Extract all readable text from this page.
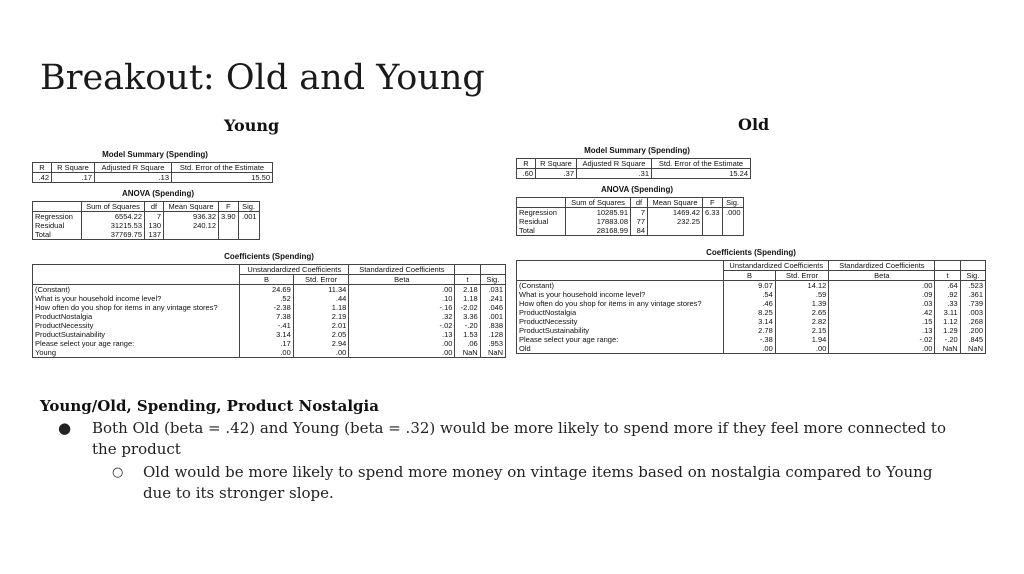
Breakout: Old and Young
Young
Model Summary (Spending)
R	R Square	Adjusted R Square	Std. Error of the Estimate
.42	.17	.13	15.50
ANOVA (Spending)
	Sum of Squares	df	Mean Square	F	Sig.
Regression	6554.22	7	936.32	3.90	.001
Residual	31215.53	130	240.12		
Total	37769.75	137			
Coefficients (Spending)
	Unstandardized Coefficients		Standardized Coefficients		
	B	Std. Error	Beta	t	Sig.
(Constant)	24.69	11.34	.00	2.18	.031
What is your household income level?	.52	.44	.10	1.18	.241
How often do you shop for items in any vintage stores?	-2.38	1.18	-.16	-2.02	.046
ProductNostalgia	7.38	2.19	.32	3.36	.001
ProductNecessity	-.41	2.01	-.02	-.20	.838
ProductSustainability	3.14	2.05	.13	1.53	.128
Please select your age range:	.17	2.94	.00	.06	.953
Young	.00	.00	.00	NaN	NaN
Old
Model Summary (Spending)
R	R Square	Adjusted R Square	Std. Error of the Estimate
.60	.37	.31	15.24
ANOVA (Spending)
	Sum of Squares	df	Mean Square	F	Sig.
Regression	10285.91	7	1469.42	6.33	.000
Residual	17883.08	77	232.25		
Total	28168.99	84			
Coefficients (Spending)
	Unstandardized Coefficients		Standardized Coefficients		
	B	Std. Error	Beta	t	Sig.
(Constant)	9.07	14.12	.00	.64	.523
What is your household income level?	.54	.59	.09	.92	.361
How often do you shop for items in any vintage stores?	.46	1.39	.03	.33	.739
ProductNostalgia	8.25	2.65	.42	3.11	.003
ProductNecessity	3.14	2.82	.15	1.12	.268
ProductSustainability	2.78	2.15	.13	1.29	.200
Please select your age range:	-.38	1.94	-.02	-.20	.845
Old	.00	.00	.00	NaN	NaN
Young/Old, Spending, Product Nostalgia
● Both Old (beta = .42) and Young (beta = .32) would be more likely to spend more if they feel more connected to the product
○ Old would be more likely to spend more money on vintage items based on nostalgia compared to Young due to its stronger slope.
